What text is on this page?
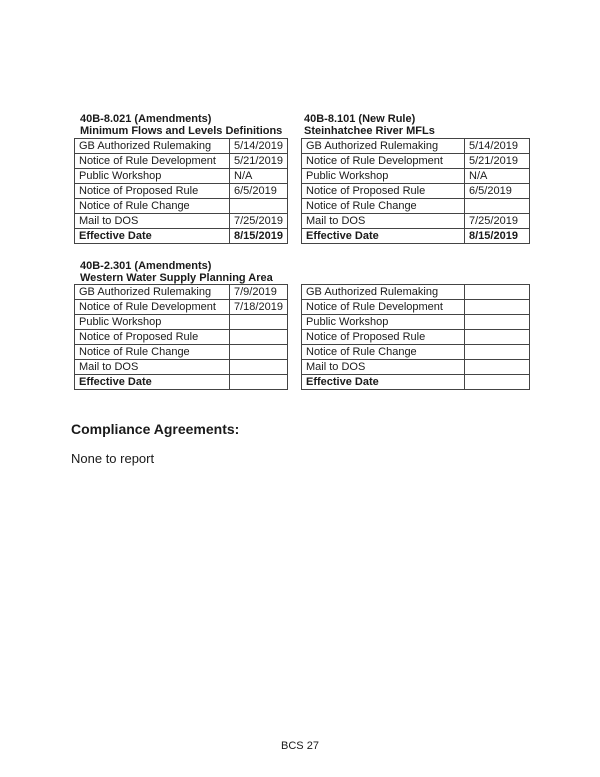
40B-8.021 (Amendments)
Minimum Flows and Levels Definitions
GB Authorized Rulemaking	5/14/2019
Notice of Rule Development	5/21/2019
Public Workshop	N/A
Notice of Proposed Rule	6/5/2019
Notice of Rule Change	
Mail to DOS	7/25/2019
Effective Date	8/15/2019
40B-8.101 (New Rule)
Steinhatchee River MFLs
GB Authorized Rulemaking	5/14/2019
Notice of Rule Development	5/21/2019
Public Workshop	N/A
Notice of Proposed Rule	6/5/2019
Notice of Rule Change	
Mail to DOS	7/25/2019
Effective Date	8/15/2019
40B-2.301 (Amendments)
Western Water Supply Planning Area
GB Authorized Rulemaking	7/9/2019
Notice of Rule Development	7/18/2019
Public Workshop	
Notice of Proposed Rule	
Notice of Rule Change	
Mail to DOS	
Effective Date	
GB Authorized Rulemaking	
Notice of Rule Development	
Public Workshop	
Notice of Proposed Rule	
Notice of Rule Change	
Mail to DOS	
Effective Date	
Compliance Agreements:
None to report
BCS 27
